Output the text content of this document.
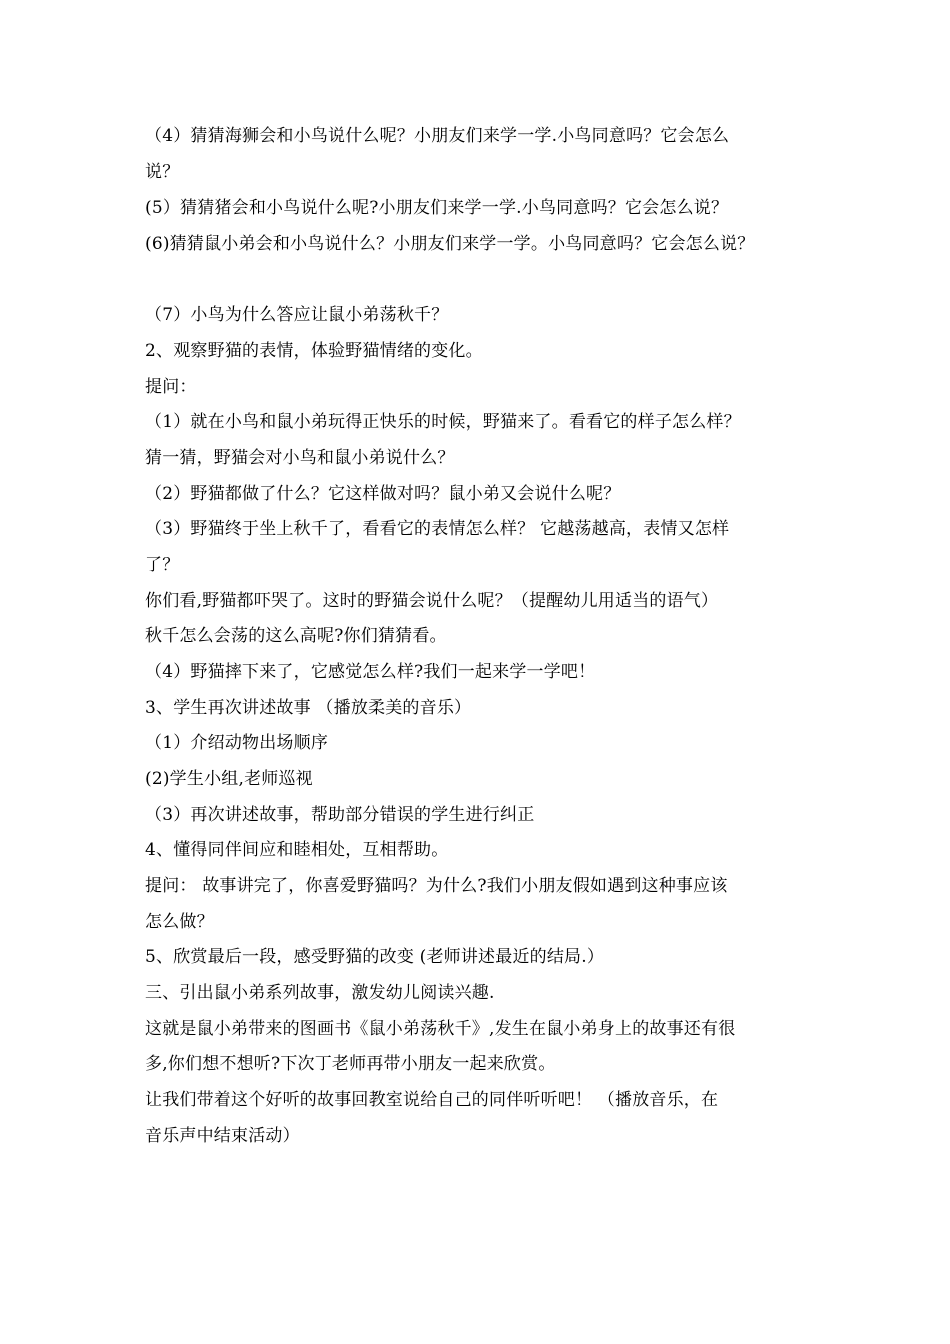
（4）猜猜海狮会和小鸟说什么呢？小朋友们来学一学.小鸟同意吗？它会怎么
说？
(5）猜猜猪会和小鸟说什么呢?小朋友们来学一学.小鸟同意吗？它会怎么说？
(6)猜猜鼠小弟会和小鸟说什么？小朋友们来学一学。小鸟同意吗？它会怎么说？
（7）小鸟为什么答应让鼠小弟荡秋千？
2、观察野猫的表情，体验野猫情绪的变化。
提问：
（1）就在小鸟和鼠小弟玩得正快乐的时候，野猫来了。看看它的样子怎么样？
猜一猜，野猫会对小鸟和鼠小弟说什么？
（2）野猫都做了什么？它这样做对吗？鼠小弟又会说什么呢？
（3）野猫终于坐上秋千了，看看它的表情怎么样？ 它越荡越高，表情又怎样
了？
你们看,野猫都吓哭了。这时的野猫会说什么呢？（提醒幼儿用适当的语气）
秋千怎么会荡的这么高呢?你们猜猜看。
（4）野猫摔下来了，它感觉怎么样?我们一起来学一学吧！
3、学生再次讲述故事 （播放柔美的音乐）
（1）介绍动物出场顺序
(2)学生小组,老师巡视
（3）再次讲述故事，帮助部分错误的学生进行纠正
4、懂得同伴间应和睦相处，互相帮助。
提问： 故事讲完了，你喜爱野猫吗？为什么?我们小朋友假如遇到这种事应该
怎么做？
5、欣赏最后一段，感受野猫的改变 (老师讲述最近的结局.）
三、引出鼠小弟系列故事，激发幼儿阅读兴趣.
这就是鼠小弟带来的图画书《鼠小弟荡秋千》,发生在鼠小弟身上的故事还有很
多,你们想不想听?下次丁老师再带小朋友一起来欣赏。
让我们带着这个好听的故事回教室说给自己的同伴听听吧！ （播放音乐，在
音乐声中结束活动）
